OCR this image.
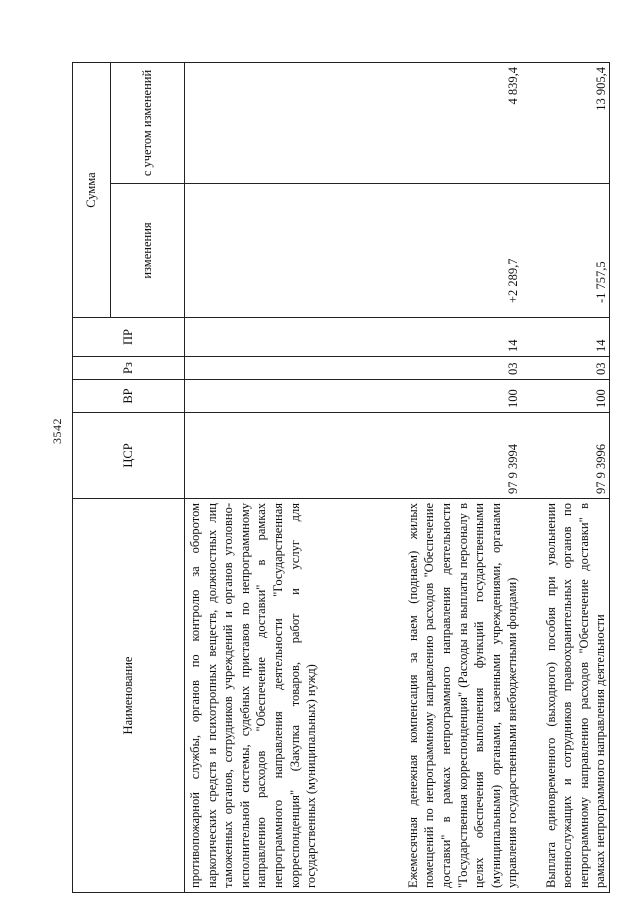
3542
Наименование	ЦСР	ВР	Рз	ПР	Сумма	
					изменения	с учетом изменений
противопожарной службы, органов по контролю за оборотом наркотических средств и психотропных веществ, должностных лиц таможенных органов, сотрудников учреждений и органов уголовно-исполнительной системы, судебных приставов по непрограммному направлению расходов "Обеспечение доставки" в рамках непрограммного направления деятельности "Государственная корреспонденция" (Закупка товаров, работ и услуг для государственных (муниципальных) нужд)						
Ежемесячная денежная компенсация за наем (поднаем) жилых помещений по непрограммному направлению расходов "Обеспечение доставки" в рамках непрограммного направления деятельности "Государственная корреспонденция" (Расходы на выплаты персоналу в целях обеспечения выполнения функций государственными (муниципальными) органами, казенными учреждениями, органами управления государственными внебюджетными фондами)	97 9 3994	100	03	14	+2 289,7	4 839,4
Выплата единовременного (выходного) пособия при увольнении военнослужащих и сотрудников правоохранительных органов по непрограммному направлению расходов "Обеспечение доставки" в рамках непрограммного направления деятельности	97 9 3996	100	03	14	-1 757,5	13 905,4
